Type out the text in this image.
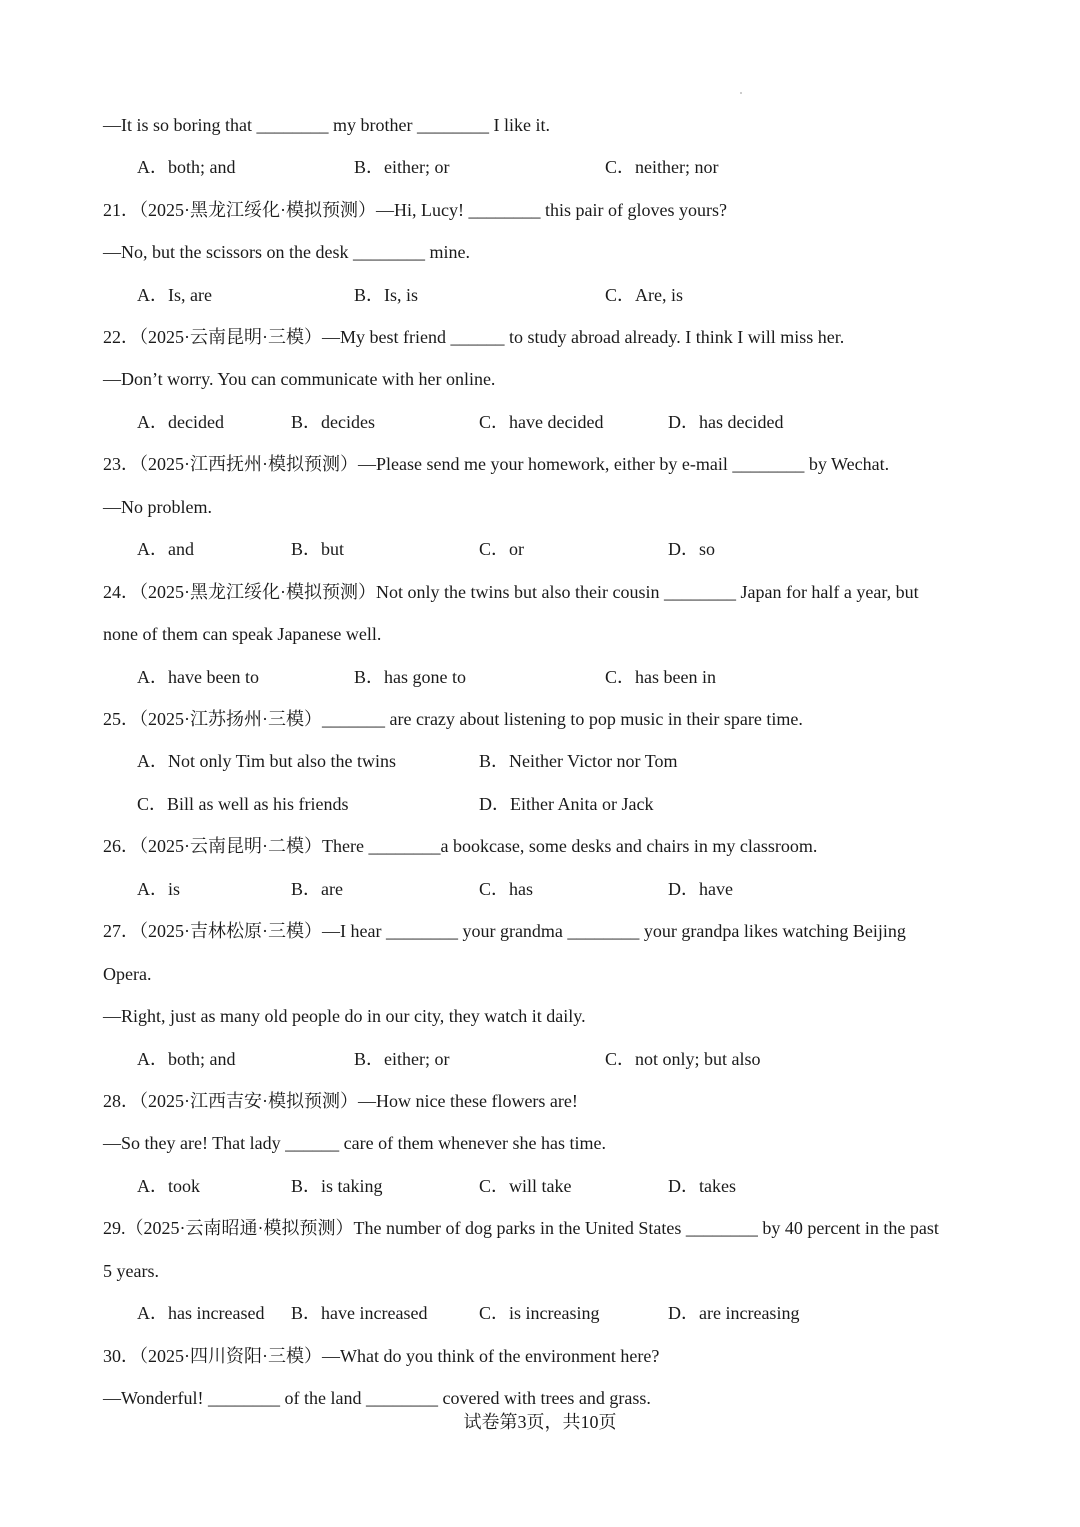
—It is so boring that ________ my brother ________ I like it.
A．both; and	B．either; or	C．neither; nor
21．（2025·黑龙江绥化·模拟预测）—Hi, Lucy! ________ this pair of gloves yours?
—No, but the scissors on the desk ________ mine.
A．Is, are	B．Is, is	C．Are, is
22．（2025·云南昆明·三模）—My best friend ______ to study abroad already. I think I will miss her.
—Don’t worry. You can communicate with her online.
A．decided	B．decides	C．have decided	D．has decided
23．（2025·江西抚州·模拟预测）—Please send me your homework, either by e-mail ________ by Wechat.
—No problem.
A．and	B．but	C．or	D．so
24．（2025·黑龙江绥化·模拟预测）Not only the twins but also their cousin ________ Japan for half a year, but
none of them can speak Japanese well.
A．have been to	B．has gone to	C．has been in
25．（2025·江苏扬州·三模）_______ are crazy about listening to pop music in their spare time.
A．Not only Tim but also the twins	B．Neither Victor nor Tom
C．Bill as well as his friends	D．Either Anita or Jack
26．（2025·云南昆明·二模）There ________a bookcase, some desks and chairs in my classroom.
A．is	B．are	C．has	D．have
27．（2025·吉林松原·三模）—I hear ________ your grandma ________ your grandpa likes watching Beijing
Opera.
—Right, just as many old people do in our city, they watch it daily.
A．both; and	B．either; or	C．not only; but also
28．（2025·江西吉安·模拟预测）—How nice these flowers are!
—So they are! That lady ______ care of them whenever she has time.
A．took	B．is taking	C．will take	D．takes
29.（2025·云南昭通·模拟预测）The number of dog parks in the United States ________ by 40 percent in the past
5 years.
A．has increased B．have increased	C．is increasing	D．are increasing
30．（2025·四川资阳·三模）—What do you think of the environment here?
—Wonderful! ________ of the land ________ covered with trees and grass.
试卷第3页，共10页
